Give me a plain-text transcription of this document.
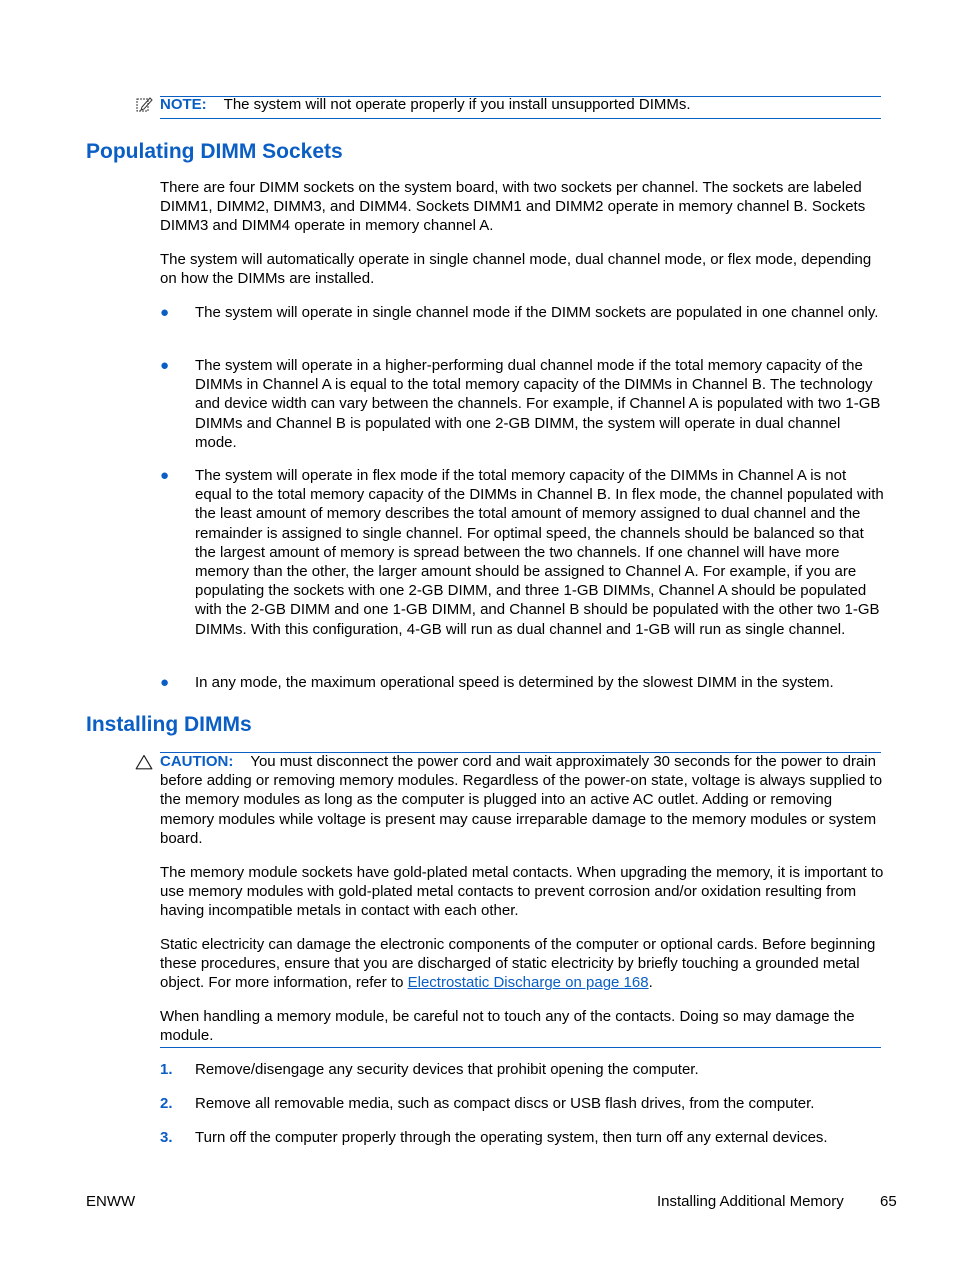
NOTE: The system will not operate properly if you install unsupported DIMMs.
Populating DIMM Sockets

There are four DIMM sockets on the system board, with two sockets per channel. The sockets are labeled DIMM1, DIMM2, DIMM3, and DIMM4. Sockets DIMM1 and DIMM2 operate in memory channel B. Sockets DIMM3 and DIMM4 operate in memory channel A.

The system will automatically operate in single channel mode, dual channel mode, or flex mode, depending on how the DIMMs are installed.

● The system will operate in single channel mode if the DIMM sockets are populated in one channel only.

● The system will operate in a higher-performing dual channel mode if the total memory capacity of the DIMMs in Channel A is equal to the total memory capacity of the DIMMs in Channel B. The technology and device width can vary between the channels. For example, if Channel A is populated with two 1-GB DIMMs and Channel B is populated with one 2-GB DIMM, the system will operate in dual channel mode.

● The system will operate in flex mode if the total memory capacity of the DIMMs in Channel A is not equal to the total memory capacity of the DIMMs in Channel B. In flex mode, the channel populated with the least amount of memory describes the total amount of memory assigned to dual channel and the remainder is assigned to single channel. For optimal speed, the channels should be balanced so that the largest amount of memory is spread between the two channels. If one channel will have more memory than the other, the larger amount should be assigned to Channel A. For example, if you are populating the sockets with one 2-GB DIMM, and three 1-GB DIMMs, Channel A should be populated with the 2-GB DIMM and one 1-GB DIMM, and Channel B should be populated with the other two 1-GB DIMMs. With this configuration, 4-GB will run as dual channel and 1-GB will run as single channel.

● In any mode, the maximum operational speed is determined by the slowest DIMM in the system.

Installing DIMMs

CAUTION: You must disconnect the power cord and wait approximately 30 seconds for the power to drain before adding or removing memory modules. Regardless of the power-on state, voltage is always supplied to the memory modules as long as the computer is plugged into an active AC outlet. Adding or removing memory modules while voltage is present may cause irreparable damage to the memory modules or system board.

The memory module sockets have gold-plated metal contacts. When upgrading the memory, it is important to use memory modules with gold-plated metal contacts to prevent corrosion and/or oxidation resulting from having incompatible metals in contact with each other.

Static electricity can damage the electronic components of the computer or optional cards. Before beginning these procedures, ensure that you are discharged of static electricity by briefly touching a grounded metal object. For more information, refer to Electrostatic Discharge on page 168.

When handling a memory module, be careful not to touch any of the contacts. Doing so may damage the module.

1. Remove/disengage any security devices that prohibit opening the computer.

2. Remove all removable media, such as compact discs or USB flash drives, from the computer.

3. Turn off the computer properly through the operating system, then turn off any external devices.

ENWW	Installing Additional Memory 65
